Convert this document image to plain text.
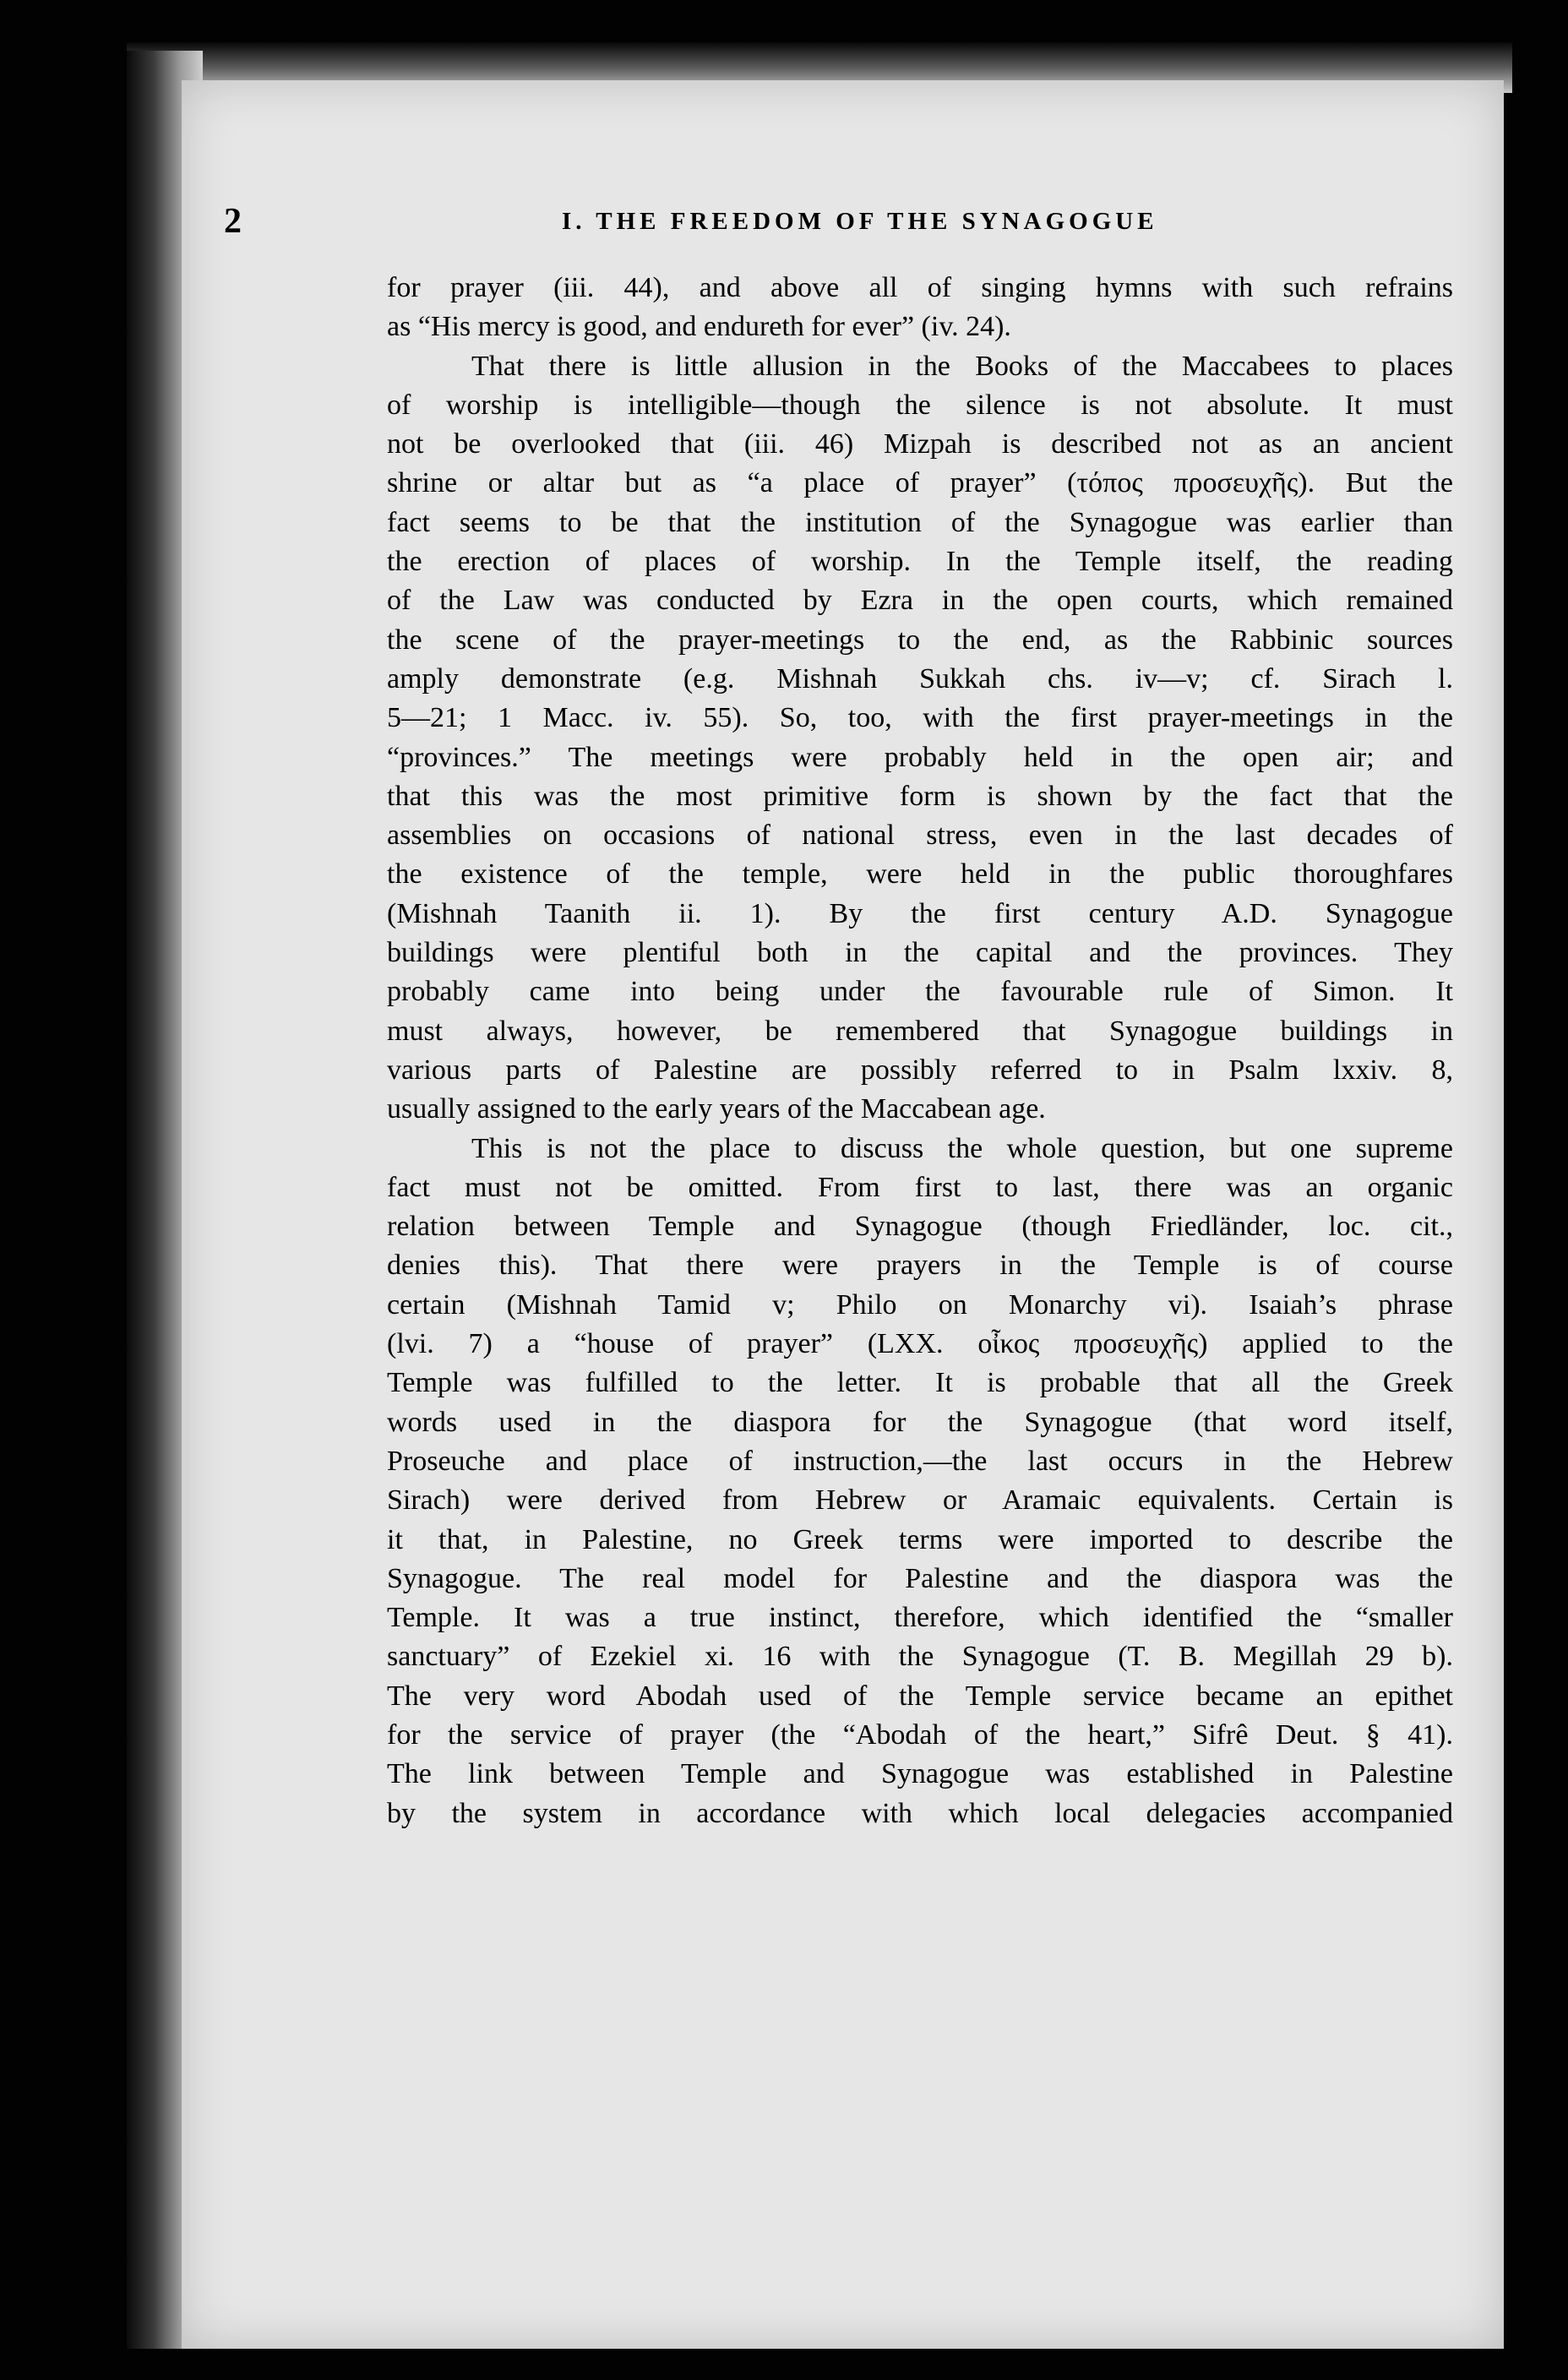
2	I. THE FREEDOM OF THE SYNAGOGUE
for prayer (iii. 44), and above all of singing hymns with such refrains
as “His mercy is good, and endureth for ever” (iv. 24).
That there is little allusion in the Books of the Maccabees to places
of worship is intelligible—though the silence is not absolute. It must
not be overlooked that (iii. 46) Mizpah is described not as an ancient
shrine or altar but as “a place of prayer” (τόπος προσευχῆς). But the
fact seems to be that the institution of the Synagogue was earlier than
the erection of places of worship. In the Temple itself, the reading
of the Law was conducted by Ezra in the open courts, which remained
the scene of the prayer-meetings to the end, as the Rabbinic sources
amply demonstrate (e.g. Mishnah Sukkah chs. iv—v; cf. Sirach l.
5—21; 1 Macc. iv. 55). So, too, with the first prayer-meetings in the
“provinces.” The meetings were probably held in the open air; and
that this was the most primitive form is shown by the fact that the
assemblies on occasions of national stress, even in the last decades of
the existence of the temple, were held in the public thoroughfares
(Mishnah Taanith ii. 1). By the first century A.D. Synagogue
buildings were plentiful both in the capital and the provinces. They
probably came into being under the favourable rule of Simon. It
must always, however, be remembered that Synagogue buildings in
various parts of Palestine are possibly referred to in Psalm lxxiv. 8,
usually assigned to the early years of the Maccabean age.
This is not the place to discuss the whole question, but one supreme
fact must not be omitted. From first to last, there was an organic
relation between Temple and Synagogue (though Friedländer, loc. cit.,
denies this). That there were prayers in the Temple is of course
certain (Mishnah Tamid v; Philo on Monarchy vi). Isaiah’s phrase
(lvi. 7) a “house of prayer” (LXX. οἶκος προσευχῆς) applied to the
Temple was fulfilled to the letter. It is probable that all the Greek
words used in the diaspora for the Synagogue (that word itself,
Proseuche and place of instruction,—the last occurs in the Hebrew
Sirach) were derived from Hebrew or Aramaic equivalents. Certain is
it that, in Palestine, no Greek terms were imported to describe the
Synagogue. The real model for Palestine and the diaspora was the
Temple. It was a true instinct, therefore, which identified the “smaller
sanctuary” of Ezekiel xi. 16 with the Synagogue (T. B. Megillah 29 b).
The very word Abodah used of the Temple service became an epithet
for the service of prayer (the “Abodah of the heart,” Sifrê Deut. § 41).
The link between Temple and Synagogue was established in Palestine
by the system in accordance with which local delegacies accompanied
